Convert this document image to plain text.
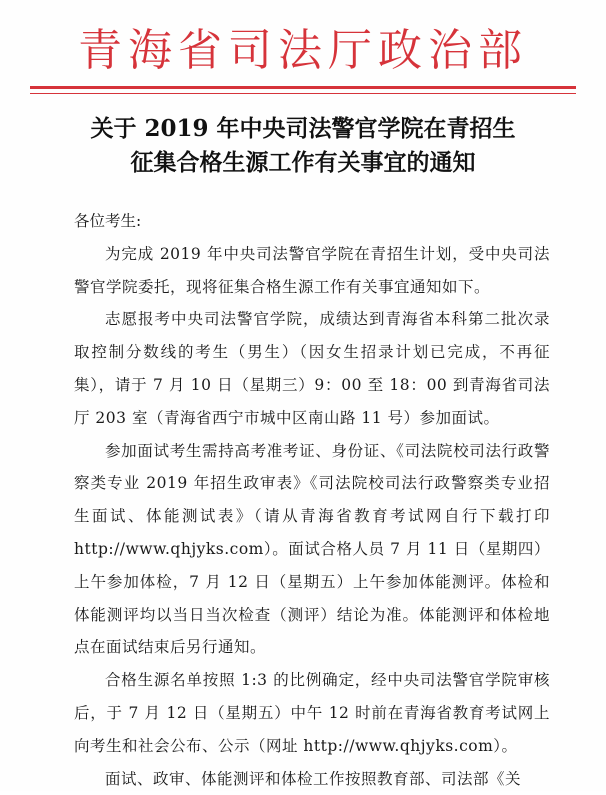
青海省司法厅政治部
关于 2019 年中央司法警官学院在青招生
征集合格生源工作有关事宜的通知

各位考生:

为完成 2019 年中央司法警官学院在青招生计划，受中央司法警官学院委托，现将征集合格生源工作有关事宜通知如下。

志愿报考中央司法警官学院，成绩达到青海省本科第二批次录取控制分数线的考生（男生）（因女生招录计划已完成，不再征集），请于 7 月 10 日（星期三）9：00 至 18：00 到青海省司法厅 203 室（青海省西宁市城中区南山路 11 号）参加面试。

参加面试考生需持高考准考证、身份证、《司法院校司法行政警察类专业 2019 年招生政审表》《司法院校司法行政警察类专业招生面试、体能测试表》（请从青海省教育考试网自行下载打印 http://www.qhjyks.com）。面试合格人员 7 月 11 日（星期四）上午参加体检，7 月 12 日（星期五）上午参加体能测评。体检和体能测评均以当日当次检查（测评）结论为准。体能测评和体检地点在面试结束后另行通知。

合格生源名单按照 1:3 的比例确定，经中央司法警官学院审核后，于 7 月 12 日（星期五）中午 12 时前在青海省教育考试网上向考生和社会公布、公示（网址 http://www.qhjyks.com）。

面试、政审、体能测评和体检工作按照教育部、司法部《关
